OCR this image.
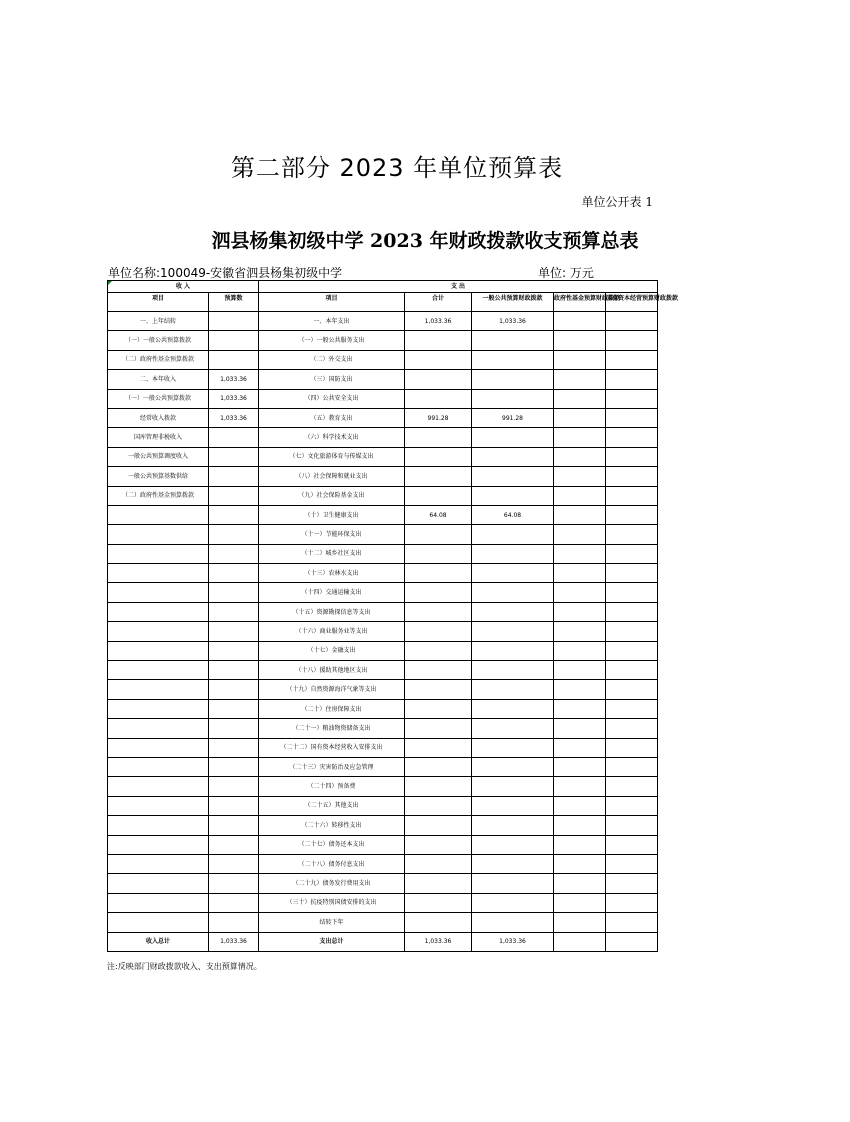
第二部分 2023 年单位预算表
单位公开表 1
泗县杨集初级中学 2023 年财政拨款收支预算总表
单位名称:100049-安徽省泗县杨集初级中学	单位: 万元
收 入		支 出				
项目	预算数	项目	合计	一般公共预算财政拨款	政府性基金预算财政拨款	国有资本经营预算财政拨款
一、上年结转		一、本年支出	1,033.36	1,033.36		
（一）一般公共预算拨款		（一）一般公共服务支出				
（二）政府性基金预算拨款		（二）外交支出				
二、本年收入	1,033.36	（三）国防支出				
（一）一般公共预算拨款	1,033.36	（四）公共安全支出				
经常收入拨款	1,033.36	（五）教育支出	991.28	991.28		
国库管理非税收入		（六）科学技术支出				
一般公共预算调度收入		（七）文化旅游体育与传媒支出				
一般公共预算基数供给		（八）社会保障和就业支出				
（二）政府性基金预算拨款		（九）社会保险基金支出				
		（十）卫生健康支出	64.08	64.08		
		（十一）节能环保支出				
		（十二）城乡社区支出				
		（十三）农林水支出				
		（十四）交通运输支出				
		（十五）资源勘探信息等支出				
		（十六）商业服务业等支出				
		（十七）金融支出				
		（十八）援助其他地区支出				
		（十九）自然资源海洋气象等支出				
		（二十）住房保障支出				
		（二十一）粮油物资储备支出				
		（二十二）国有资本经营收入安排支出				
		（二十三）灾害防治及应急管理				
		（二十四）预备费				
		（二十五）其他支出				
		（二十六）转移性支出				
		（二十七）债务还本支出				
		（二十八）债务付息支出				
		（二十九）债务发行费用支出				
		（三十）抗疫特别国债安排的支出				
		结转下年				
收入总计	1,033.36	支出总计	1,033.36	1,033.36		
注:反映部门财政拨款收入、支出预算情况。
